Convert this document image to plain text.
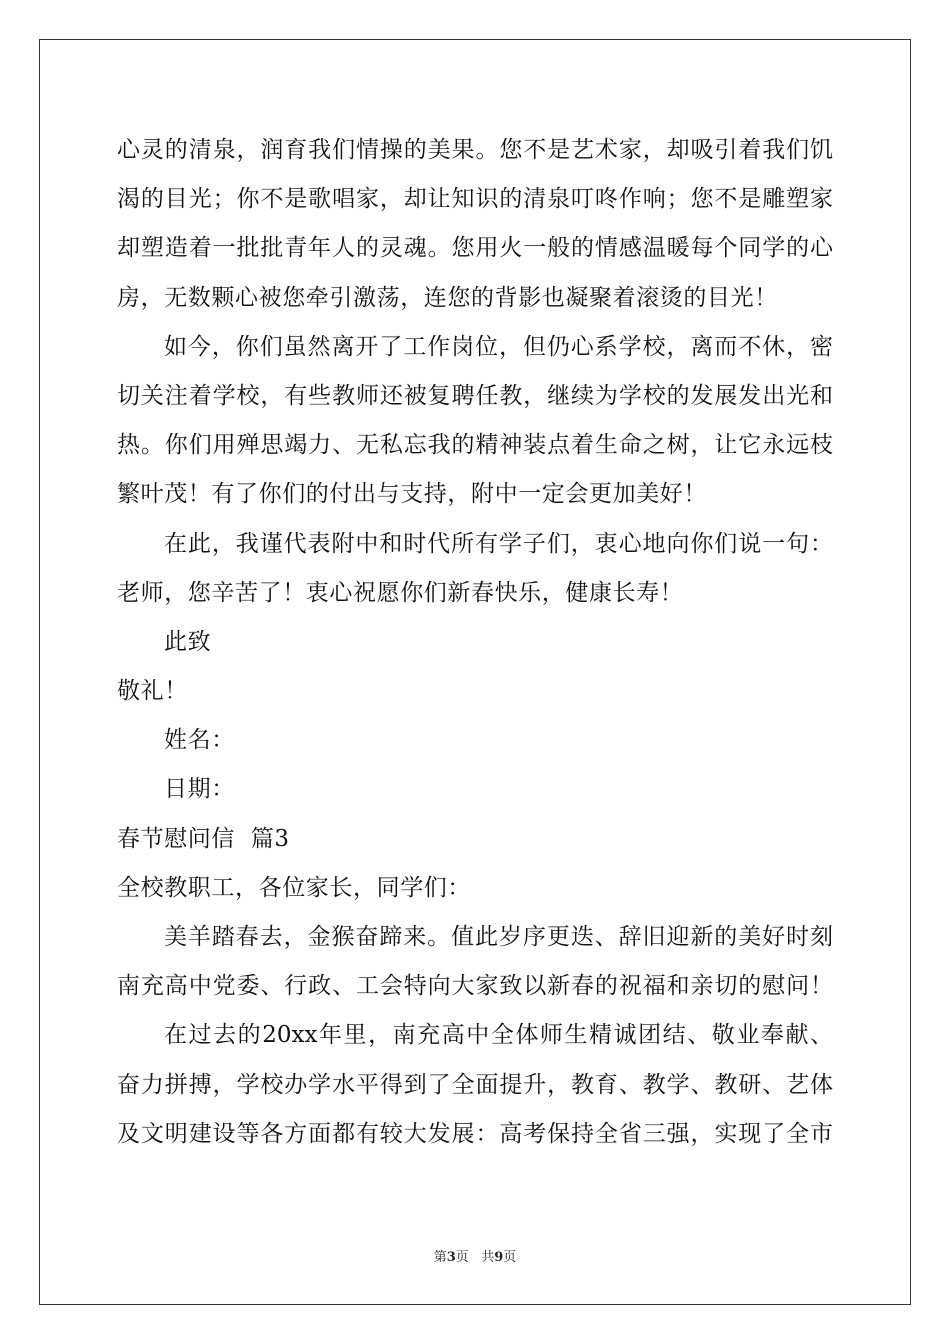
心灵的清泉，润育我们情操的美果。您不是艺术家，却吸引着我们饥
渴的目光；你不是歌唱家，却让知识的清泉叮咚作响；您不是雕塑家
却塑造着一批批青年人的灵魂。您用火一般的情感温暖每个同学的心
房，无数颗心被您牵引激荡，连您的背影也凝聚着滚烫的目光！
如今，你们虽然离开了工作岗位，但仍心系学校，离而不休，密
切关注着学校，有些教师还被复聘任教，继续为学校的发展发出光和
热。你们用殚思竭力、无私忘我的精神装点着生命之树，让它永远枝
繁叶茂！有了你们的付出与支持，附中一定会更加美好！
在此，我谨代表附中和时代所有学子们，衷心地向你们说一句：
老师，您辛苦了！衷心祝愿你们新春快乐，健康长寿！
此致
敬礼！
姓名：
日期：
春节慰问信  篇3
全校教职工，各位家长，同学们：
美羊踏春去，金猴奋蹄来。值此岁序更迭、辞旧迎新的美好时刻
南充高中党委、行政、工会特向大家致以新春的祝福和亲切的慰问！
在过去的20xx年里，南充高中全体师生精诚团结、敬业奉献、
奋力拼搏，学校办学水平得到了全面提升，教育、教学、教研、艺体
及文明建设等各方面都有较大发展：高考保持全省三强，实现了全市
第3页 共9页
